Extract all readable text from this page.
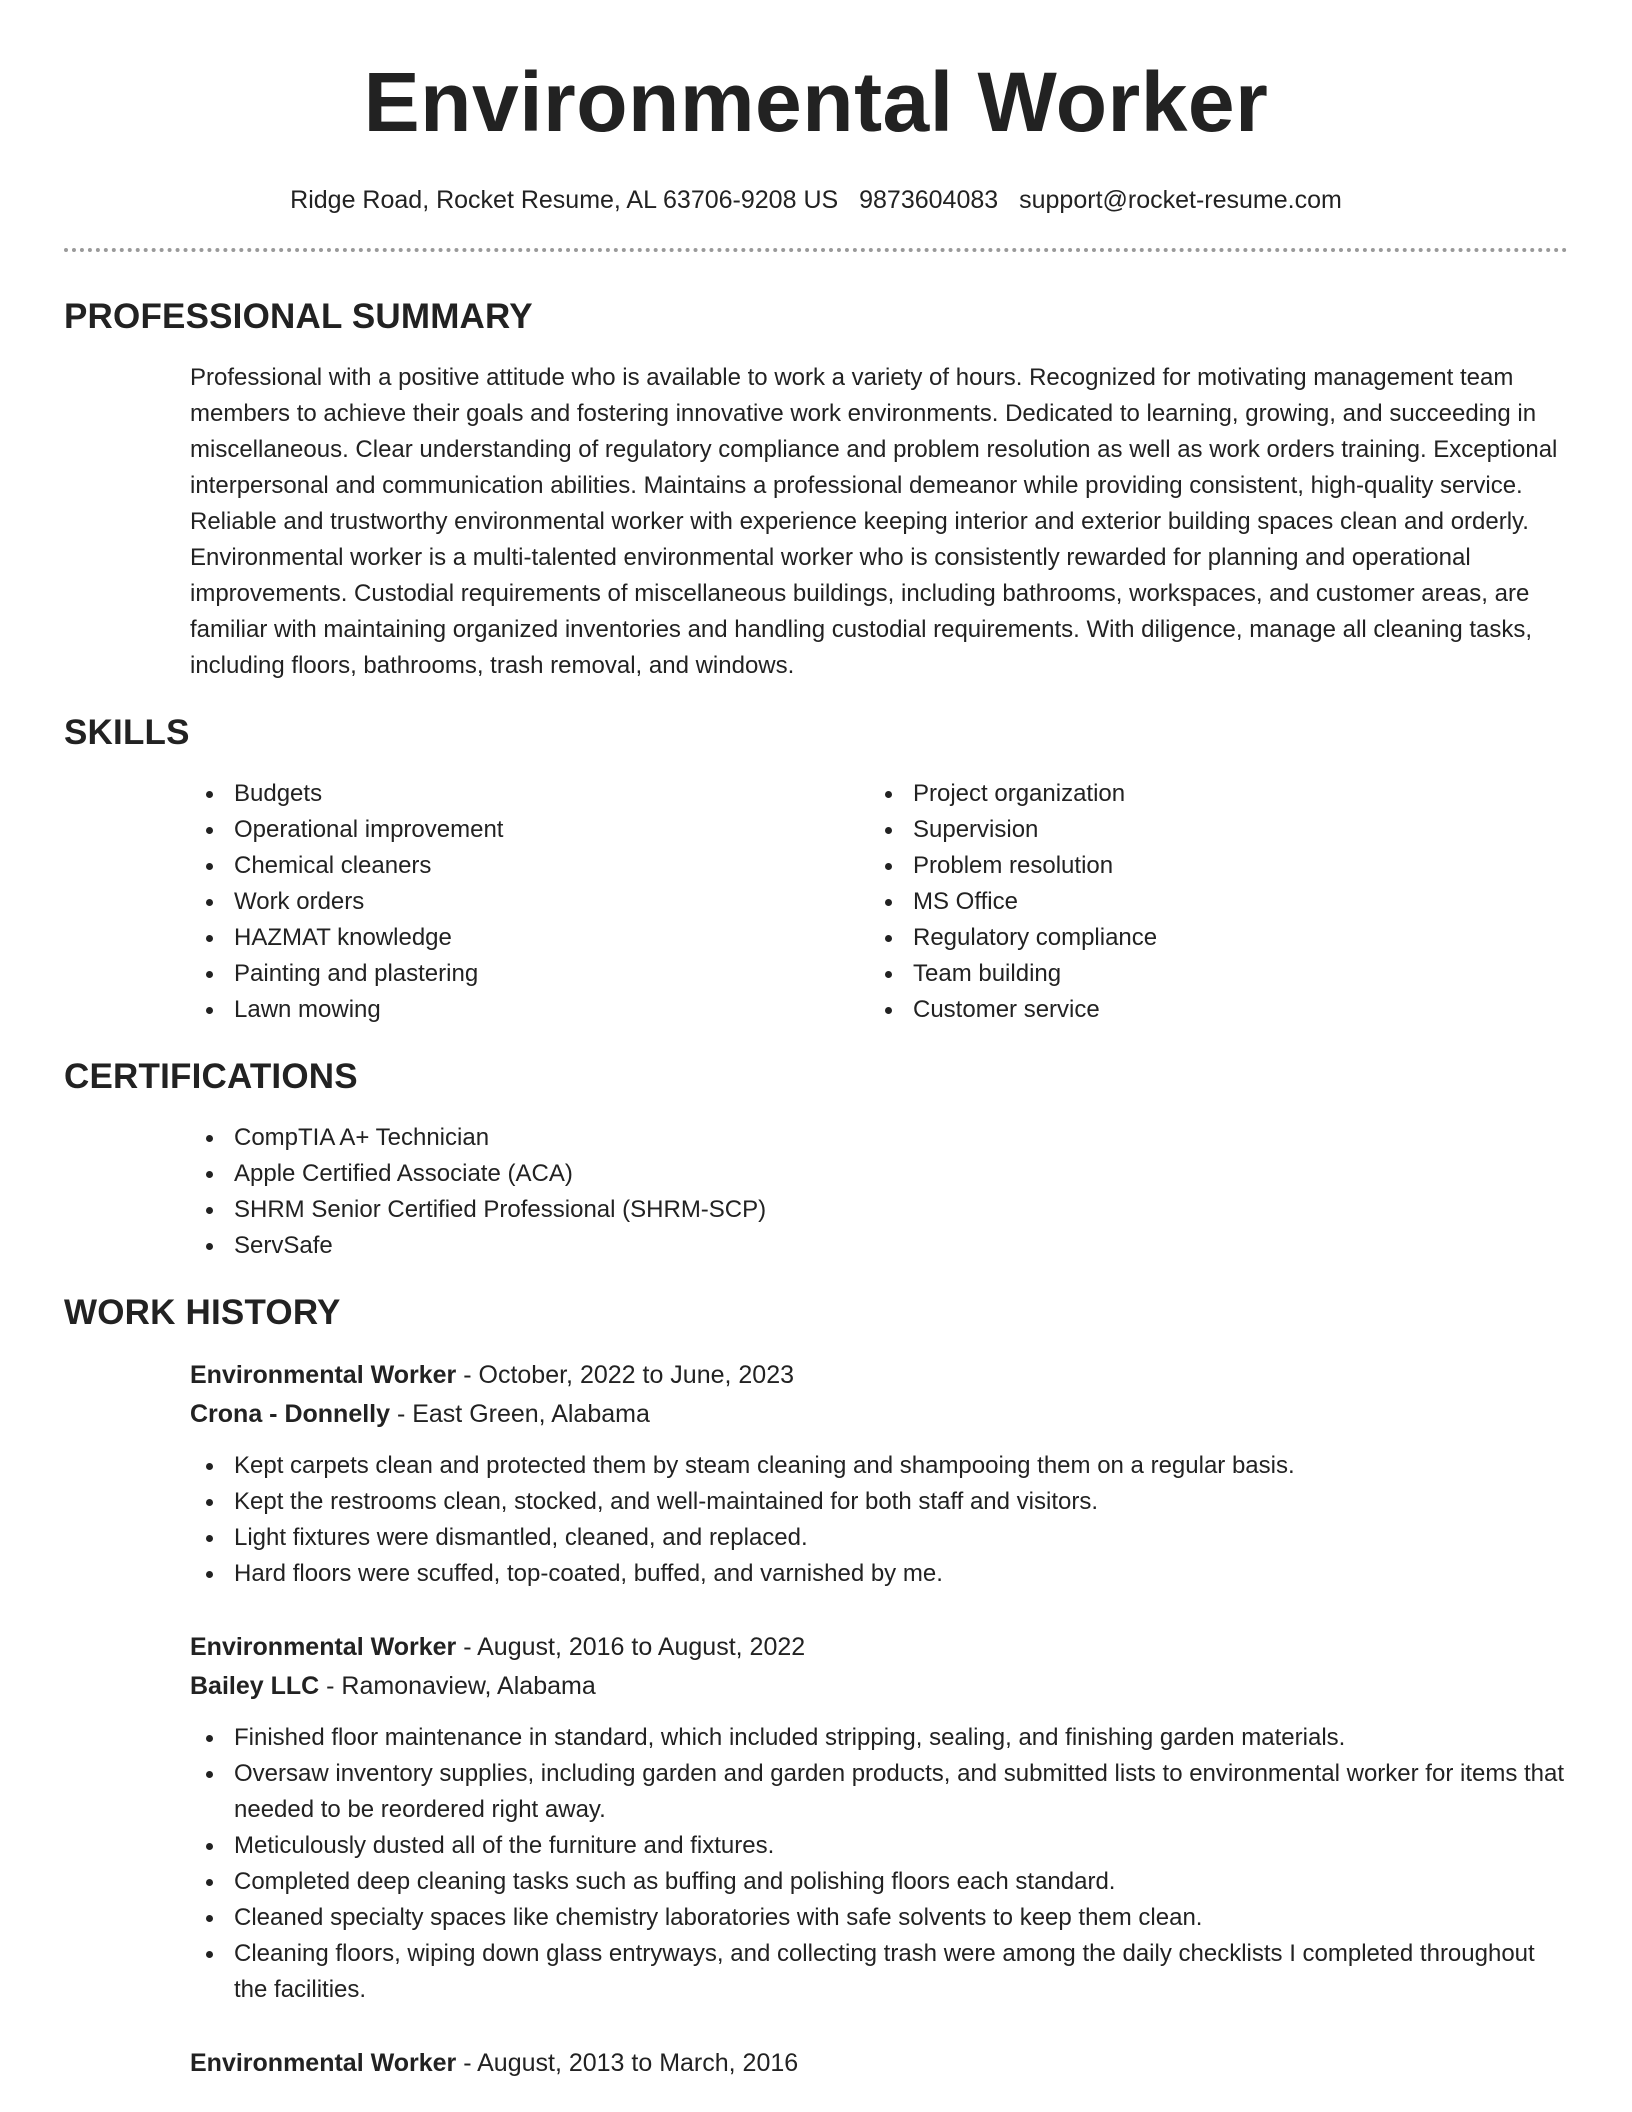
Environmental Worker
Ridge Road, Rocket Resume, AL 63706-9208 US 9873604083 support@rocket-resume.com
PROFESSIONAL SUMMARY

Professional with a positive attitude who is available to work a variety of hours. Recognized for motivating management team members to achieve their goals and fostering innovative work environments. Dedicated to learning, growing, and succeeding in miscellaneous. Clear understanding of regulatory compliance and problem resolution as well as work orders training. Exceptional interpersonal and communication abilities. Maintains a professional demeanor while providing consistent, high-quality service. Reliable and trustworthy environmental worker with experience keeping interior and exterior building spaces clean and orderly. Environmental worker is a multi-talented environmental worker who is consistently rewarded for planning and operational improvements. Custodial requirements of miscellaneous buildings, including bathrooms, workspaces, and customer areas, are familiar with maintaining organized inventories and handling custodial requirements. With diligence, manage all cleaning tasks, including floors, bathrooms, trash removal, and windows.

SKILLS
Budgets
Operational improvement
Chemical cleaners
Work orders
HAZMAT knowledge
Painting and plastering
Lawn mowing
Project organization
Supervision
Problem resolution
MS Office
Regulatory compliance
Team building
Customer service
CERTIFICATIONS
CompTIA A+ Technician
Apple Certified Associate (ACA)
SHRM Senior Certified Professional (SHRM-SCP)
ServSafe
WORK HISTORY
Environmental Worker - October, 2022 to June, 2023
Crona - Donnelly - East Green, Alabama
Kept carpets clean and protected them by steam cleaning and shampooing them on a regular basis.
Kept the restrooms clean, stocked, and well-maintained for both staff and visitors.
Light fixtures were dismantled, cleaned, and replaced.
Hard floors were scuffed, top-coated, buffed, and varnished by me.
Environmental Worker - August, 2016 to August, 2022
Bailey LLC - Ramonaview, Alabama
Finished floor maintenance in standard, which included stripping, sealing, and finishing garden materials.
Oversaw inventory supplies, including garden and garden products, and submitted lists to environmental worker for items that needed to be reordered right away.
Meticulously dusted all of the furniture and fixtures.
Completed deep cleaning tasks such as buffing and polishing floors each standard.
Cleaned specialty spaces like chemistry laboratories with safe solvents to keep them clean.
Cleaning floors, wiping down glass entryways, and collecting trash were among the daily checklists I completed throughout the facilities.
Environmental Worker - August, 2013 to March, 2016
